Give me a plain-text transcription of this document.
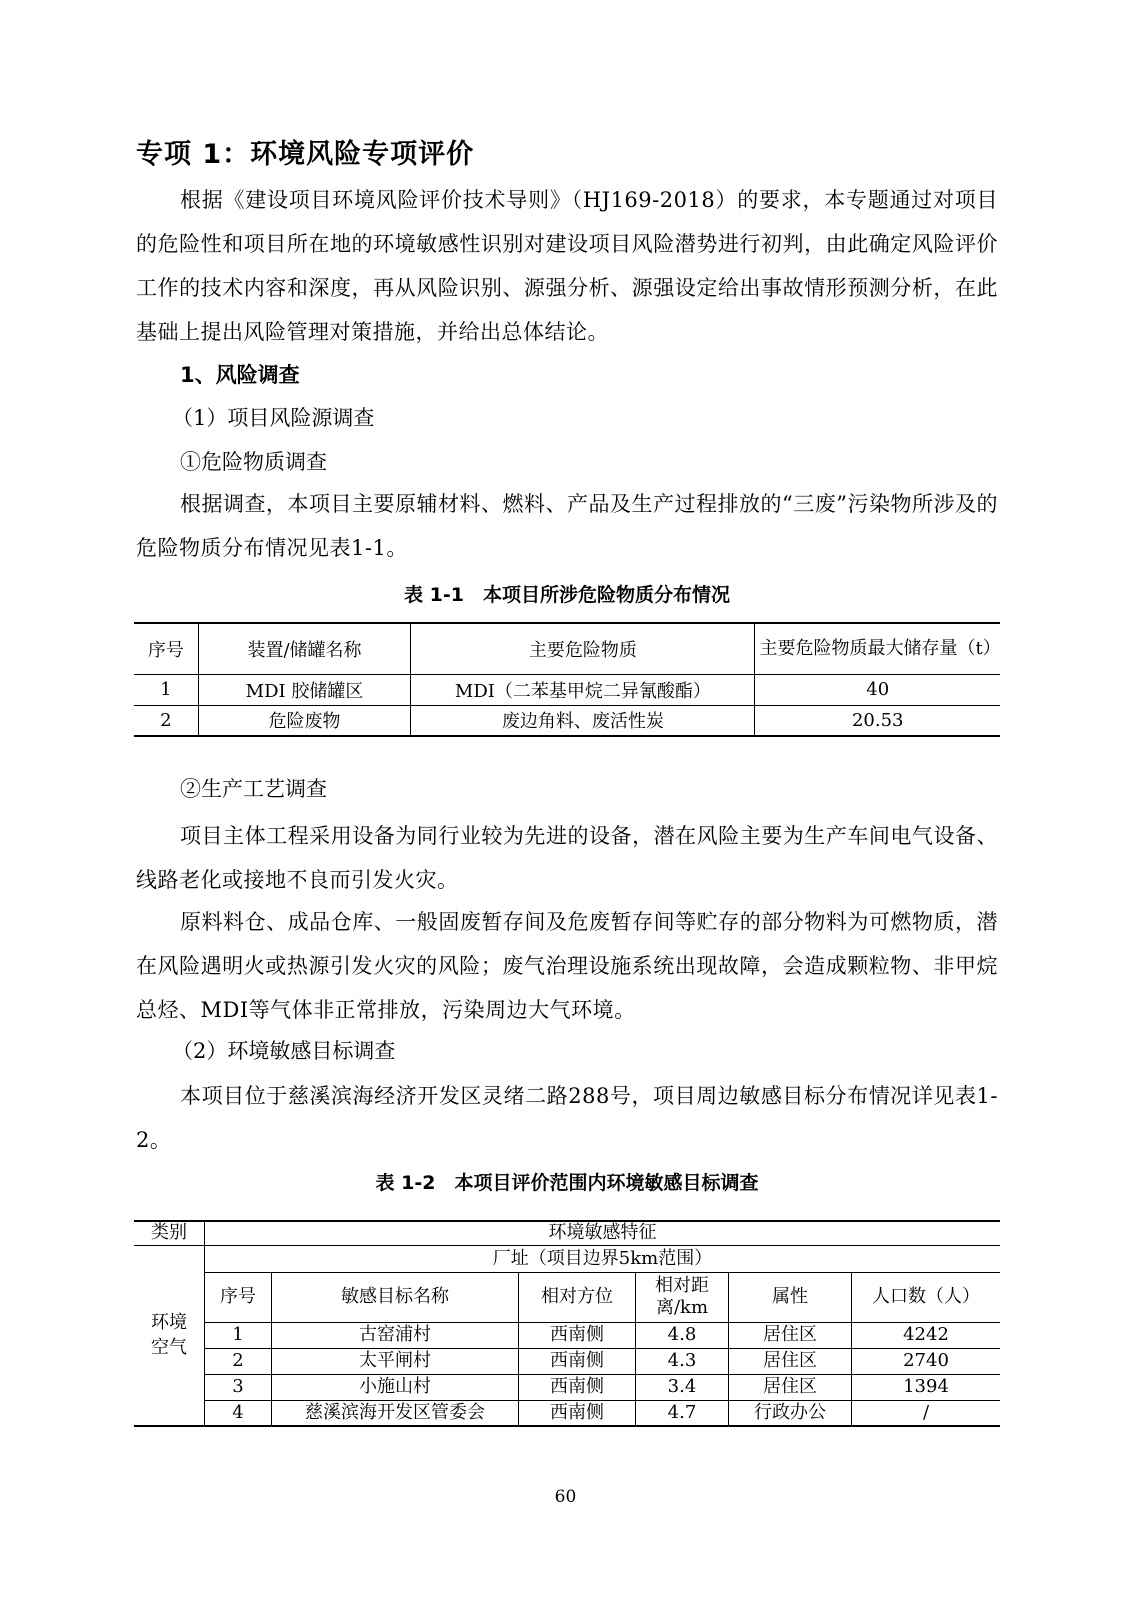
专项 1：环境风险专项评价
根据《建设项目环境风险评价技术导则》（HJ169-2018）的要求，本专题通过对项目的危险性和项目所在地的环境敏感性识别对建设项目风险潜势进行初判，由此确定风险评价工作的技术内容和深度，再从风险识别、源强分析、源强设定给出事故情形预测分析，在此基础上提出风险管理对策措施，并给出总体结论。
1、风险调查
（1）项目风险源调查
①危险物质调查
根据调查，本项目主要原辅材料、燃料、产品及生产过程排放的“三废”污染物所涉及的危险物质分布情况见表1-1。
表 1-1　本项目所涉危险物质分布情况
序号	装置/储罐名称	主要危险物质	主要危险物质最大储存量（t）
1	MDI 胶储罐区	MDI（二苯基甲烷二异氰酸酯）	40
2	危险废物	废边角料、废活性炭	20.53
②生产工艺调查
项目主体工程采用设备为同行业较为先进的设备，潜在风险主要为生产车间电气设备、线路老化或接地不良而引发火灾。
原料料仓、成品仓库、一般固废暂存间及危废暂存间等贮存的部分物料为可燃物质，潜在风险遇明火或热源引发火灾的风险；废气治理设施系统出现故障，会造成颗粒物、非甲烷总烃、MDI等气体非正常排放，污染周边大气环境。
（2）环境敏感目标调查
本项目位于慈溪滨海经济开发区灵绪二路288号，项目周边敏感目标分布情况详见表1-2。
表 1-2　本项目评价范围内环境敏感目标调查
类别	环境敏感特征					

环境空气	厂址（项目边界5km范围）					
	序号	敏感目标名称	相对方位	相对距离/km	属性	人口数（人）
	1	古窑浦村	西南侧	4.8	居住区	4242
	2	太平闸村	西南侧	4.3	居住区	2740
	3	小施山村	西南侧	3.4	居住区	1394
	4	慈溪滨海开发区管委会	西南侧	4.7	行政办公	/
60
